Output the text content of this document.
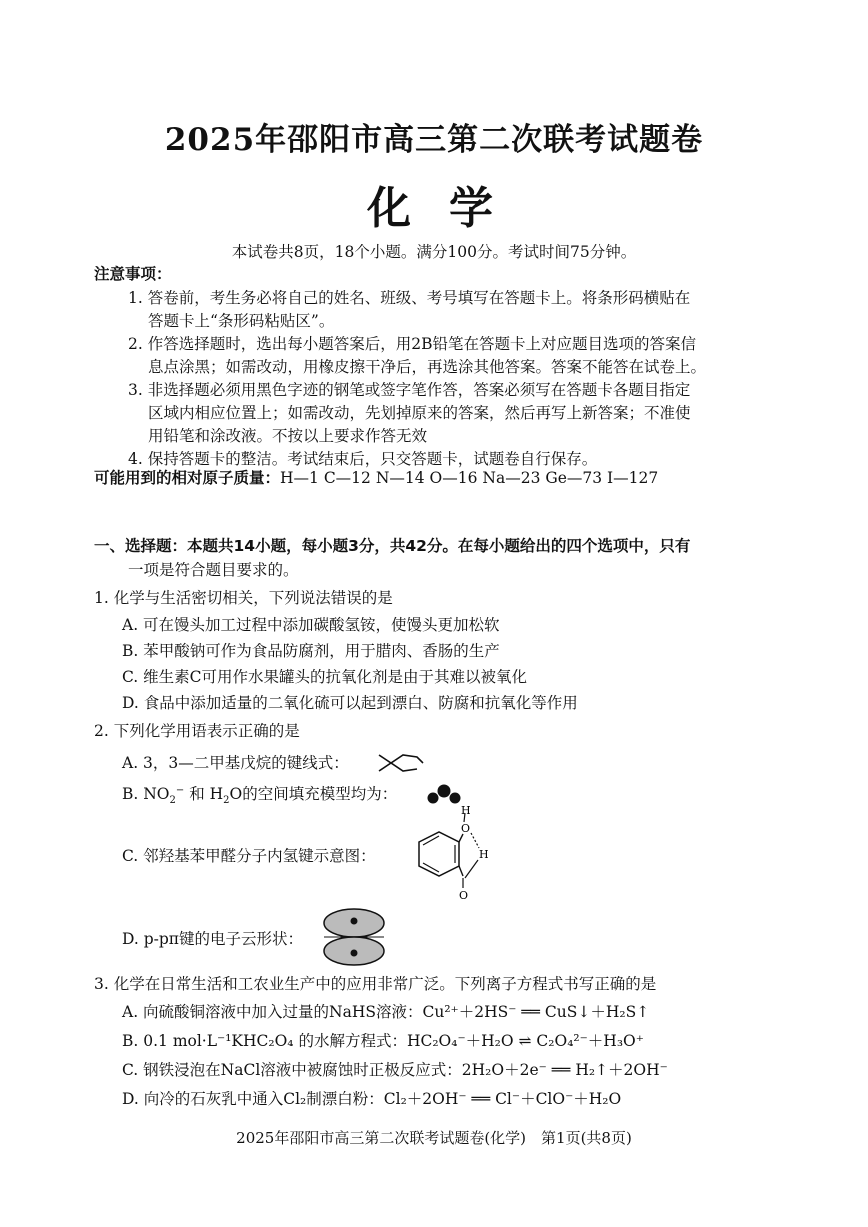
2025年邵阳市高三第二次联考试题卷
化学
本试卷共8页，18个小题。满分100分。考试时间75分钟。
注意事项：
1. 答卷前，考生务必将自己的姓名、班级、考号填写在答题卡上。将条形码横贴在
答题卡上“条形码粘贴区”。
2. 作答选择题时，选出每小题答案后，用2B铅笔在答题卡上对应题目选项的答案信
息点涂黑；如需改动，用橡皮擦干净后，再选涂其他答案。答案不能答在试卷上。
3. 非选择题必须用黑色字迹的钢笔或签字笔作答，答案必须写在答题卡各题目指定
区域内相应位置上；如需改动，先划掉原来的答案，然后再写上新答案；不准使
用铅笔和涂改液。不按以上要求作答无效
4. 保持答题卡的整洁。考试结束后，只交答题卡，试题卷自行保存。
可能用到的相对原子质量：H—1 C—12 N—14 O—16 Na—23 Ge—73 I—127
一、选择题：本题共14小题，每小题3分，共42分。在每小题给出的四个选项中，只有
一项是符合题目要求的。
1. 化学与生活密切相关，下列说法错误的是
A. 可在馒头加工过程中添加碳酸氢铵，使馒头更加松软
B. 苯甲酸钠可作为食品防腐剂，用于腊肉、香肠的生产
C. 维生素C可用作水果罐头的抗氧化剂是由于其难以被氧化
D. 食品中添加适量的二氧化硫可以起到漂白、防腐和抗氧化等作用
2. 下列化学用语表示正确的是
A. 3，3—二甲基戊烷的键线式：
B. $NO_2^-$ 和 $H_2O$的空间填充模型均为：
C. 邻羟基苯甲醛分子内氢键示意图：
H
O
H
O
D. p-pπ键的电子云形状：
3. 化学在日常生活和工农业生产中的应用非常广泛。下列离子方程式书写正确的是
A. 向硫酸铜溶液中加入过量的NaHS溶液：Cu²⁺＋2HS⁻ ══ CuS↓＋H₂S↑
B. 0.1 mol·L⁻¹KHC₂O₄ 的水解方程式：HC₂O₄⁻＋H₂O ⇌ C₂O₄²⁻＋H₃O⁺
C. 钢铁浸泡在NaCl溶液中被腐蚀时正极反应式：2H₂O＋2e⁻ ══ H₂↑＋2OH⁻
D. 向冷的石灰乳中通入Cl₂制漂白粉：Cl₂＋2OH⁻ ══ Cl⁻＋ClO⁻＋H₂O
2025年邵阳市高三第二次联考试题卷(化学)　第1页(共8页)
